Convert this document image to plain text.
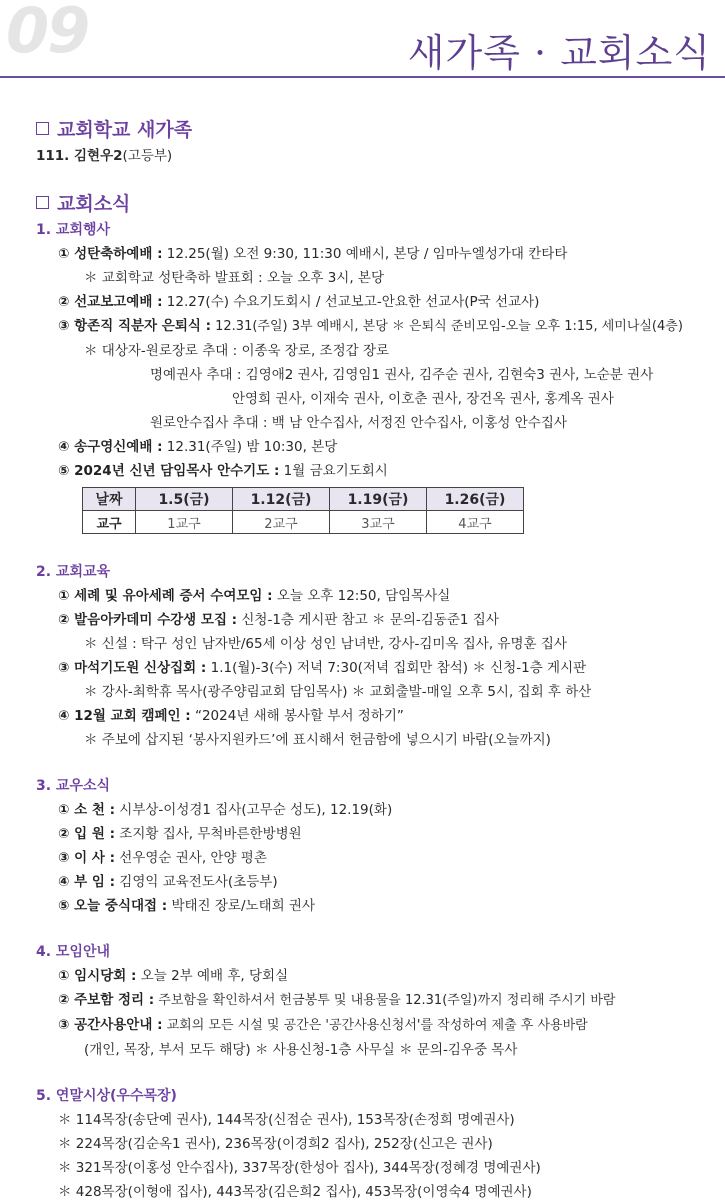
09	새가족 · 교회소식
교회학교 새가족
111. 김현우2(고등부)
교회소식
1. 교회행사
① 성탄축하예배 : 12.25(월) 오전 9:30, 11:30 예배시, 본당 / 임마누엘성가대 칸타타
＊ 교회학교 성탄축하 발표회 : 오늘 오후 3시, 본당
② 선교보고예배 : 12.27(수) 수요기도회시 / 선교보고-안요한 선교사(P국 선교사)
③ 항존직 직분자 은퇴식 : 12.31(주일) 3부 예배시, 본당 ＊ 은퇴식 준비모임-오늘 오후 1:15, 세미나실(4층)
＊ 대상자-원로장로 추대 : 이종욱 장로, 조정갑 장로
명예권사 추대 : 김영애2 권사, 김영임1 권사, 김주순 권사, 김현숙3 권사, 노순분 권사
안영희 권사, 이재숙 권사, 이호춘 권사, 장건옥 권사, 홍계옥 권사
원로안수집사 추대 : 백 남 안수집사, 서정진 안수집사, 이홍성 안수집사
④ 송구영신예배 : 12.31(주일) 밤 10:30, 본당
⑤ 2024년 신년 담임목사 안수기도 : 1월 금요기도회시
날짜	1.5(금)	1.12(금)	1.19(금)	1.26(금)
교구	1교구	2교구	3교구	4교구
2. 교회교육
① 세례 및 유아세례 증서 수여모임 : 오늘 오후 12:50, 담임목사실
② 발음아카데미 수강생 모집 : 신청-1층 게시판 참고 ＊ 문의-김동준1 집사
＊ 신설 : 탁구 성인 남자반/65세 이상 성인 남녀반, 강사-김미옥 집사, 유명훈 집사
③ 마석기도원 신상집회 : 1.1(월)-3(수) 저녁 7:30(저녁 집회만 참석) ＊ 신청-1층 게시판
＊ 강사-최학휴 목사(광주양림교회 담임목사) ＊ 교회출발-매일 오후 5시, 집회 후 하산
④ 12월 교회 캠페인 : “2024년 새해 봉사할 부서 정하기”
＊ 주보에 삽지된 ‘봉사지원카드’에 표시해서 헌금함에 넣으시기 바람(오늘까지)
3. 교우소식
① 소 천 : 시부상-이성경1 집사(고무순 성도), 12.19(화)
② 입 원 : 조지황 집사, 무척바른한방병원
③ 이 사 : 선우영순 권사, 안양 평촌
④ 부 임 : 김영익 교육전도사(초등부)
⑤ 오늘 중식대접 : 박태진 장로/노태희 권사
4. 모임안내
① 임시당회 : 오늘 2부 예배 후, 당회실
② 주보함 정리 : 주보함을 확인하셔서 헌금봉투 및 내용물을 12.31(주일)까지 정리해 주시기 바람
③ 공간사용안내 : 교회의 모든 시설 및 공간은 '공간사용신청서'를 작성하여 제출 후 사용바람
(개인, 목장, 부서 모두 해당) ＊ 사용신청-1층 사무실 ＊ 문의-김우중 목사
5. 연말시상(우수목장)
＊ 114목장(송단예 권사), 144목장(신점순 권사), 153목장(손정희 명예권사)
＊ 224목장(김순옥1 권사), 236목장(이경희2 집사), 252장(신고은 권사)
＊ 321목장(이홍성 안수집사), 337목장(한성아 집사), 344목장(정혜경 명예권사)
＊ 428목장(이형애 집사), 443목장(김은희2 집사), 453목장(이영숙4 명예권사)
